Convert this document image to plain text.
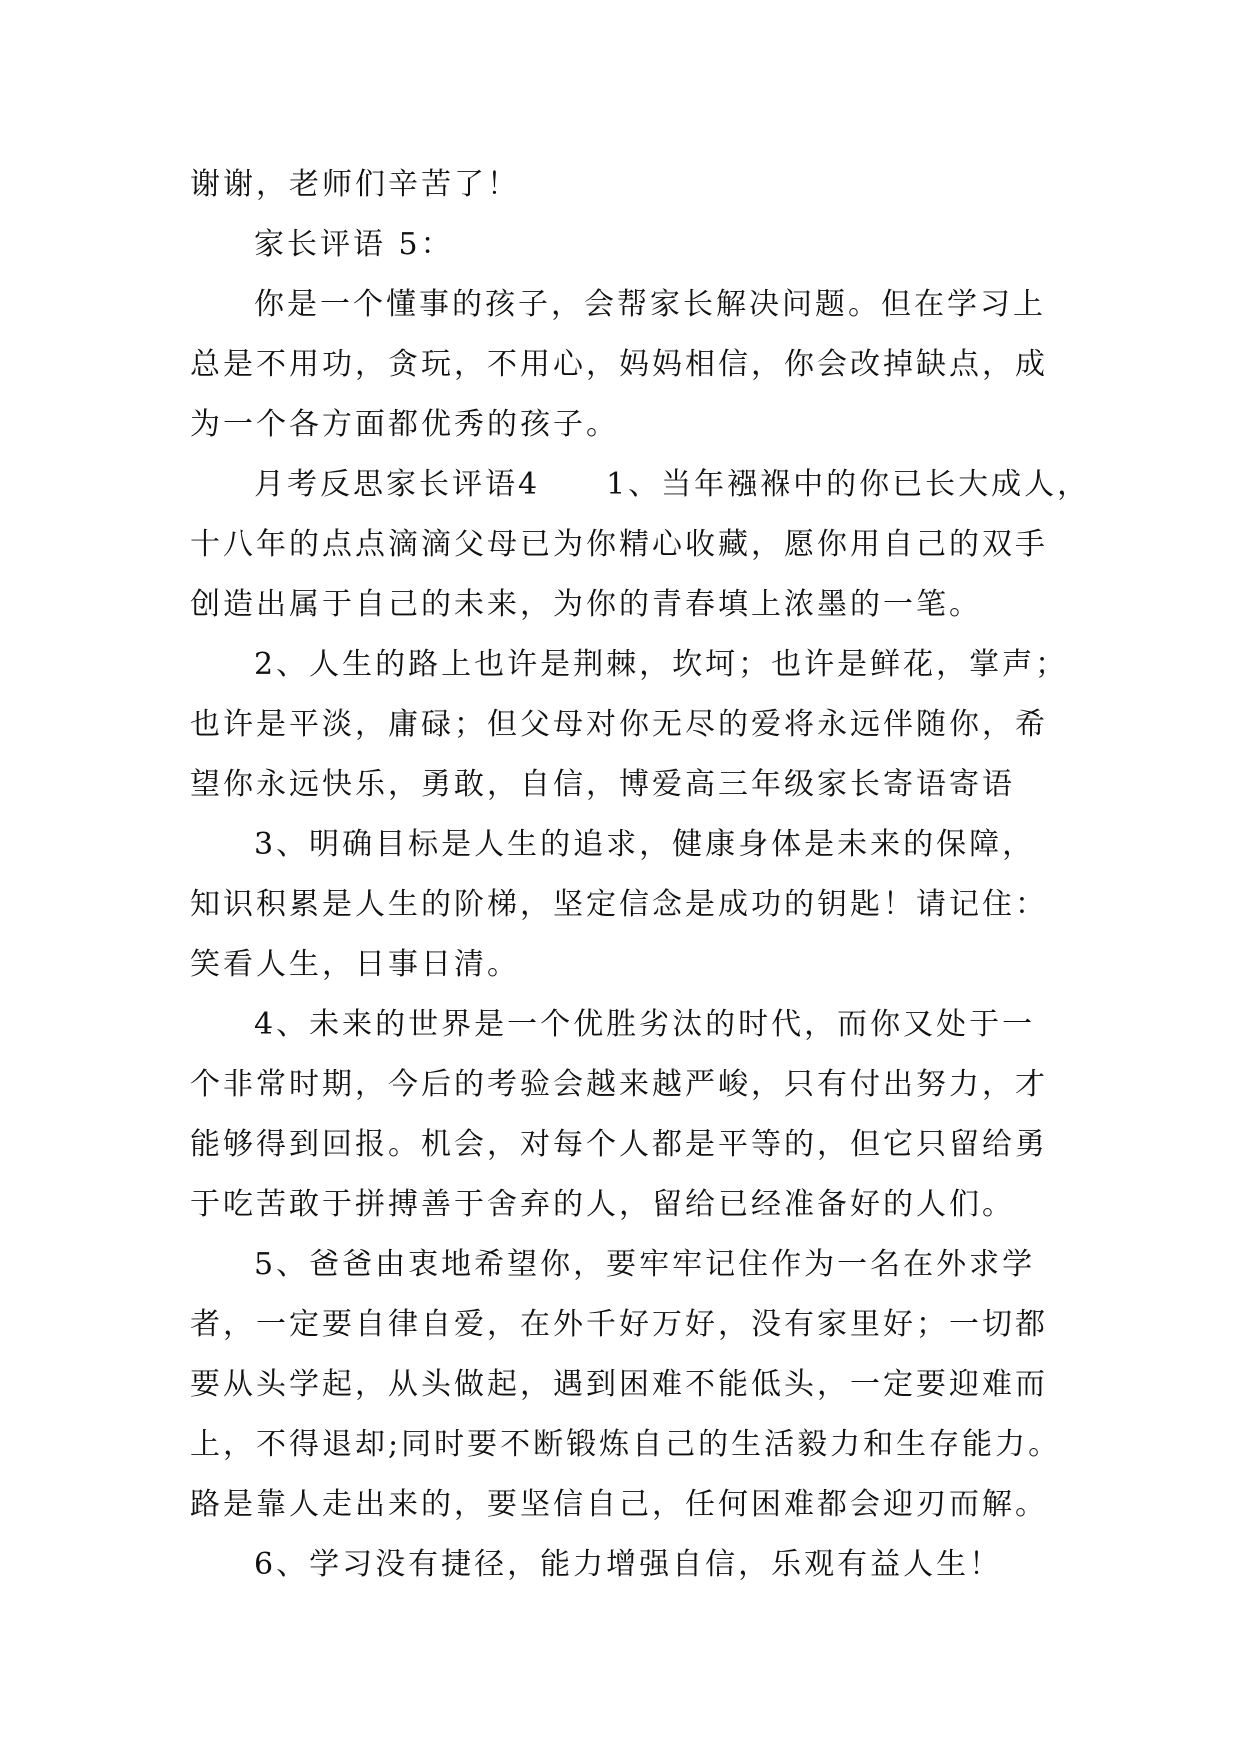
谢谢，老师们辛苦了！
家长评语 5：
你是一个懂事的孩子，会帮家长解决问题。但在学习上
总是不用功，贪玩，不用心，妈妈相信，你会改掉缺点，成
为一个各方面都优秀的孩子。
月考反思家长评语4　　1、当年襁褓中的你已长大成人，
十八年的点点滴滴父母已为你精心收藏，愿你用自己的双手
创造出属于自己的未来，为你的青春填上浓墨的一笔。
2、人生的路上也许是荆棘，坎坷；也许是鲜花，掌声；
也许是平淡，庸碌；但父母对你无尽的爱将永远伴随你，希
望你永远快乐，勇敢，自信，博爱高三年级家长寄语寄语
3、明确目标是人生的追求，健康身体是未来的保障，
知识积累是人生的阶梯，坚定信念是成功的钥匙！请记住：
笑看人生，日事日清。
4、未来的世界是一个优胜劣汰的时代，而你又处于一
个非常时期，今后的考验会越来越严峻，只有付出努力，才
能够得到回报。机会，对每个人都是平等的，但它只留给勇
于吃苦敢于拼搏善于舍弃的人，留给已经准备好的人们。
5、爸爸由衷地希望你，要牢牢记住作为一名在外求学
者，一定要自律自爱，在外千好万好，没有家里好；一切都
要从头学起，从头做起，遇到困难不能低头，一定要迎难而
上，不得退却;同时要不断锻炼自己的生活毅力和生存能力。
路是靠人走出来的，要坚信自己，任何困难都会迎刃而解。
6、学习没有捷径，能力增强自信，乐观有益人生！
